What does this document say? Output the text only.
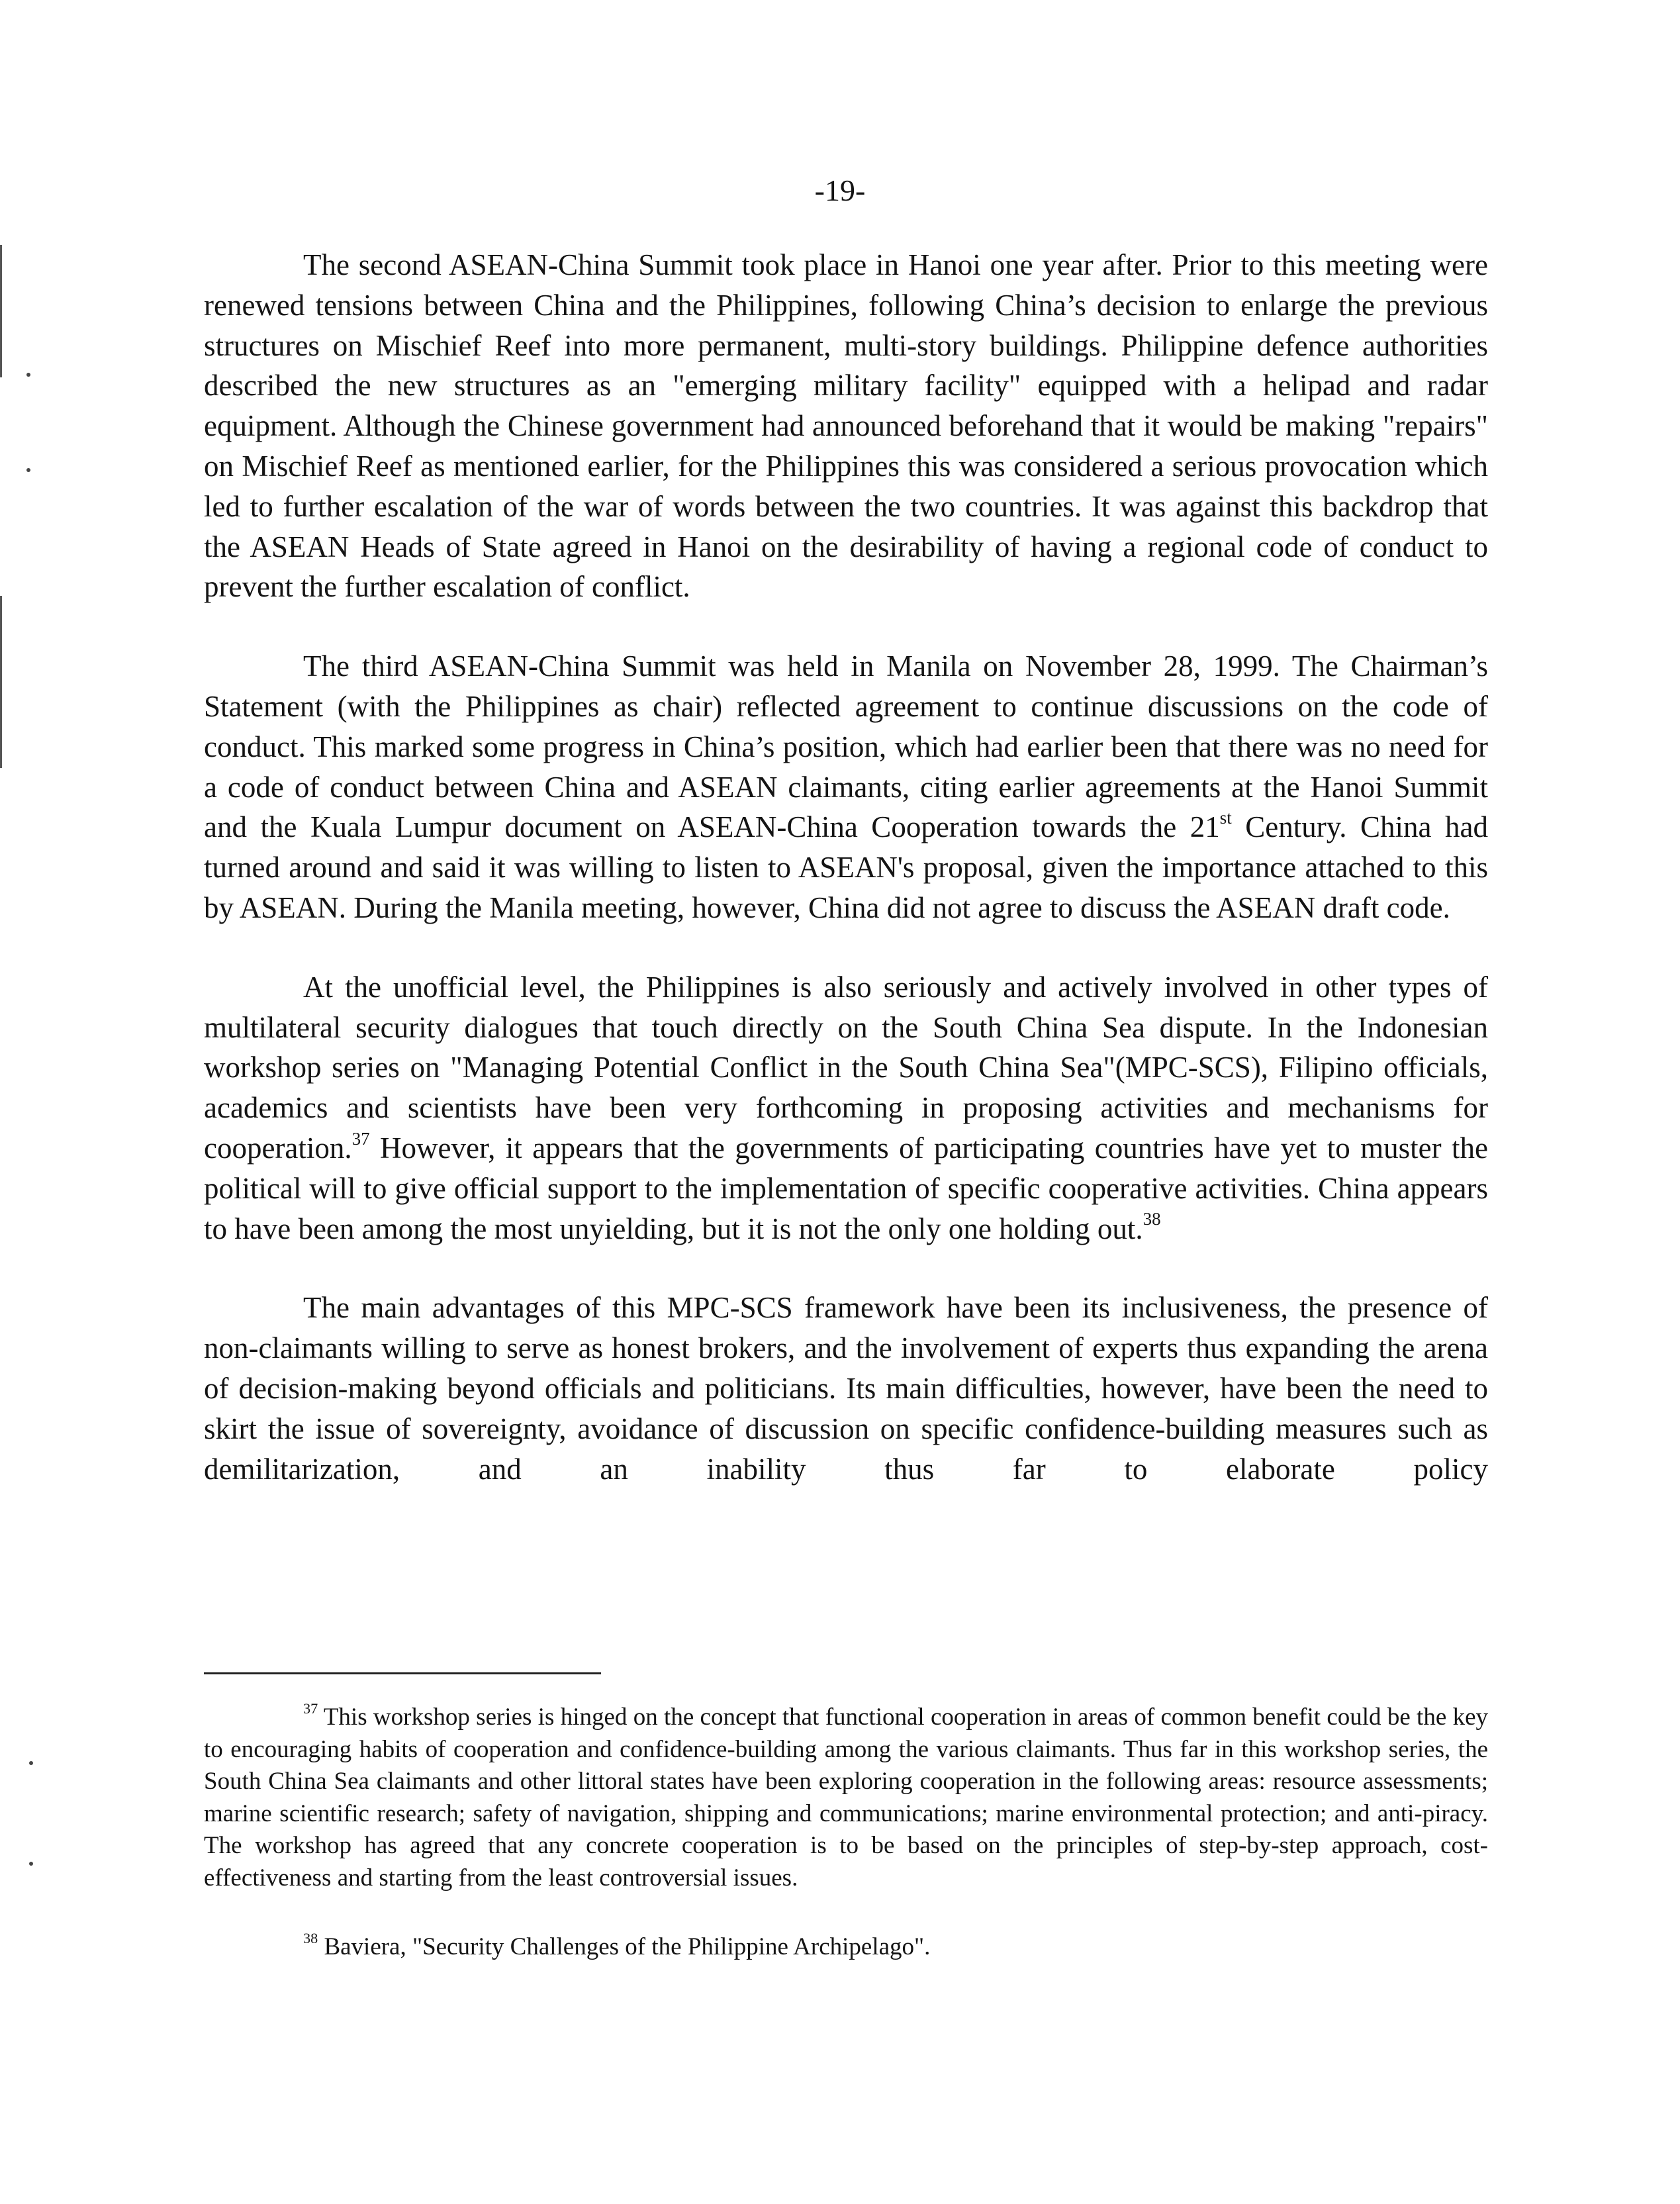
-19-

The second ASEAN-China Summit took place in Hanoi one year after. Prior to this meeting were renewed tensions between China and the Philippines, following China’s decision to enlarge the previous structures on Mischief Reef into more permanent, multi-story buildings. Philippine defence authorities described the new structures as an "emerging military facility" equipped with a helipad and radar equipment. Although the Chinese government had announced beforehand that it would be making "repairs" on Mischief Reef as mentioned earlier, for the Philippines this was considered a serious provocation which led to further escalation of the war of words between the two countries. It was against this backdrop that the ASEAN Heads of State agreed in Hanoi on the desirability of having a regional code of conduct to prevent the further escalation of conflict.

The third ASEAN-China Summit was held in Manila on November 28, 1999. The Chairman’s Statement (with the Philippines as chair) reflected agreement to continue discussions on the code of conduct. This marked some progress in China’s position, which had earlier been that there was no need for a code of conduct between China and ASEAN claimants, citing earlier agreements at the Hanoi Summit and the Kuala Lumpur document on ASEAN-China Cooperation towards the 21st Century. China had turned around and said it was willing to listen to ASEAN's proposal, given the importance attached to this by ASEAN. During the Manila meeting, however, China did not agree to discuss the ASEAN draft code.

At the unofficial level, the Philippines is also seriously and actively involved in other types of multilateral security dialogues that touch directly on the South China Sea dispute. In the Indonesian workshop series on "Managing Potential Conflict in the South China Sea"(MPC-SCS), Filipino officials, academics and scientists have been very forthcoming in proposing activities and mechanisms for cooperation.$^{37}$ However, it appears that the governments of participating countries have yet to muster the political will to give official support to the implementation of specific cooperative activities. China appears to have been among the most unyielding, but it is not the only one holding out.$^{38}$

The main advantages of this MPC-SCS framework have been its inclusiveness, the presence of non-claimants willing to serve as honest brokers, and the involvement of experts thus expanding the arena of decision-making beyond officials and politicians. Its main difficulties, however, have been the need to skirt the issue of sovereignty, avoidance of discussion on specific confidence-building measures such as demilitarization, and an inability thus far to elaborate policy

$^{37}$ This workshop series is hinged on the concept that functional cooperation in areas of common benefit could be the key to encouraging habits of cooperation and confidence-building among the various claimants. Thus far in this workshop series, the South China Sea claimants and other littoral states have been exploring cooperation in the following areas: resource assessments; marine scientific research; safety of navigation, shipping and communications; marine environmental protection; and anti-piracy. The workshop has agreed that any concrete cooperation is to be based on the principles of step-by-step approach, cost-effectiveness and starting from the least controversial issues.

$^{38}$ Baviera, "Security Challenges of the Philippine Archipelago".
